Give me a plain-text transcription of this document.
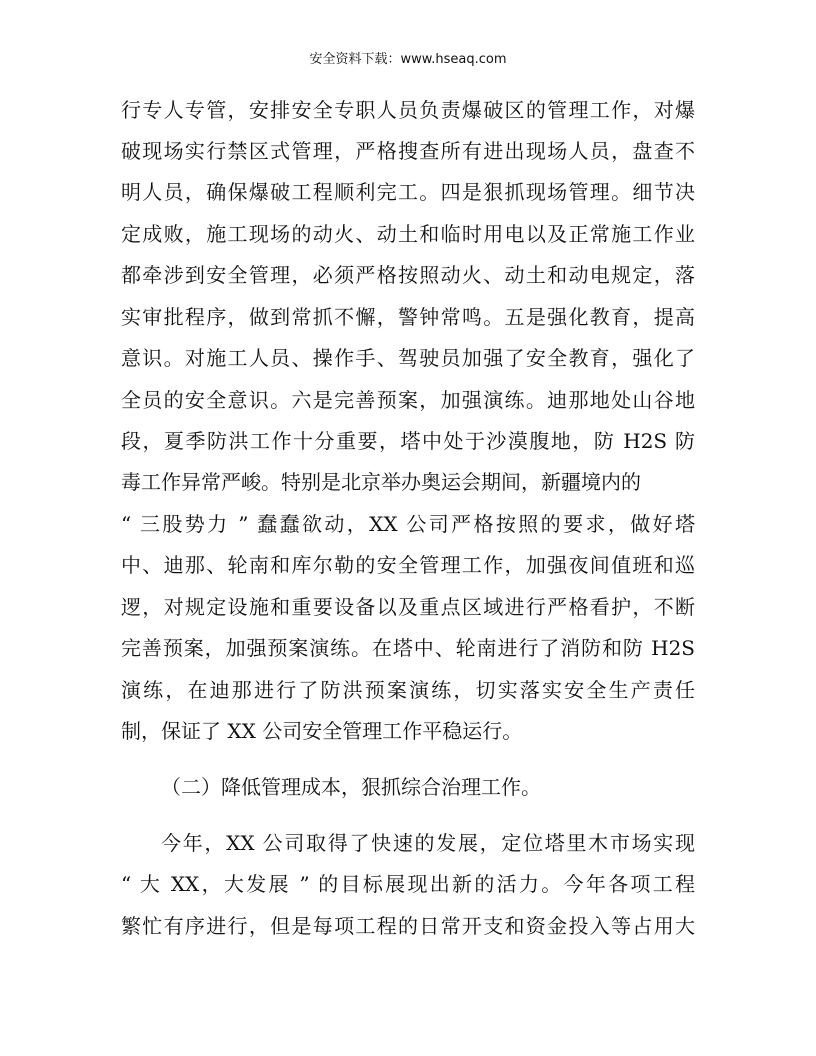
安全资料下载：www.hseaq.com
行专人专管，安排安全专职人员负责爆破区的管理工作，对爆
破现场实行禁区式管理，严格搜查所有进出现场人员，盘查不
明人员，确保爆破工程顺利完工。四是狠抓现场管理。细节决
定成败，施工现场的动火、动土和临时用电以及正常施工作业
都牵涉到安全管理，必须严格按照动火、动土和动电规定，落
实审批程序，做到常抓不懈，警钟常鸣。五是强化教育，提高
意识。对施工人员、操作手、驾驶员加强了安全教育，强化了
全员的安全意识。六是完善预案，加强演练。迪那地处山谷地
段，夏季防洪工作十分重要，塔中处于沙漠腹地，防 H2S 防
毒工作异常严峻。特别是北京举办奥运会期间，新疆境内的
“ 三股势力 ” 蠢蠢欲动，XX 公司严格按照的要求，做好塔
中、迪那、轮南和库尔勒的安全管理工作，加强夜间值班和巡
逻，对规定设施和重要设备以及重点区域进行严格看护，不断
完善预案，加强预案演练。在塔中、轮南进行了消防和防 H2S
演练，在迪那进行了防洪预案演练，切实落实安全生产责任
制，保证了 XX 公司安全管理工作平稳运行。
（二）降低管理成本，狠抓综合治理工作。
今年，XX 公司取得了快速的发展，定位塔里木市场实现
“ 大 XX，大发展 ” 的目标展现出新的活力。今年各项工程
繁忙有序进行，但是每项工程的日常开支和资金投入等占用大
